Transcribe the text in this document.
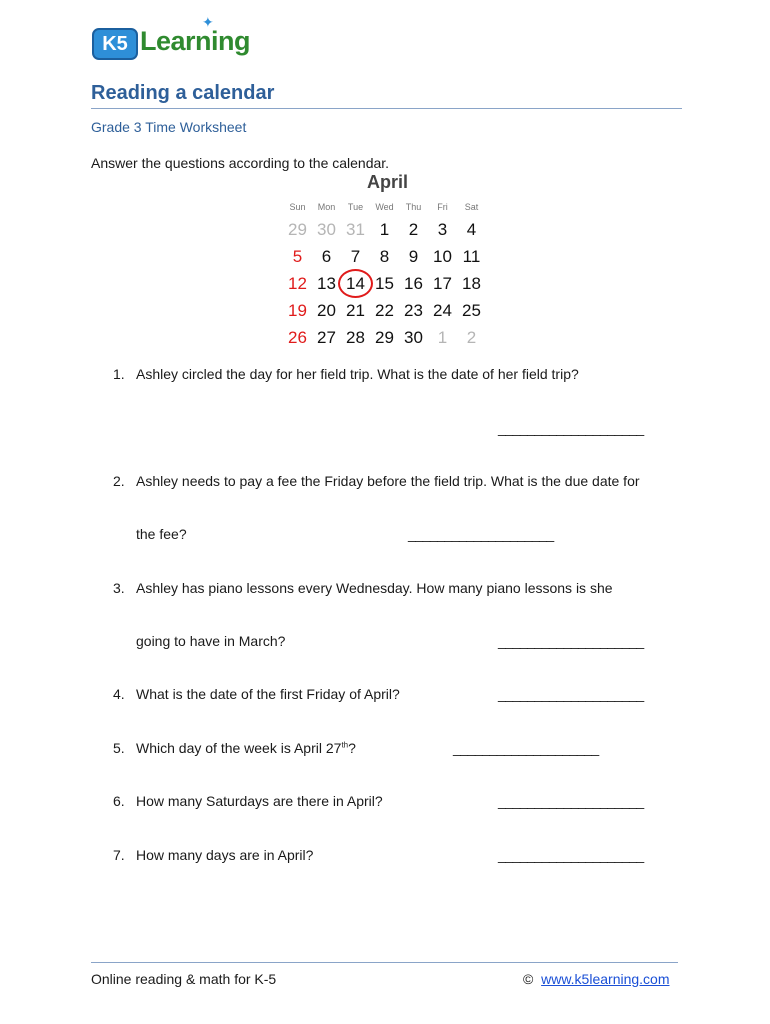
K5 Learning
✦
Reading a calendar
Grade 3 Time Worksheet
Answer the questions according to the calendar.
April
Sun	Mon	Tue	Wed	Thu	Fri	Sat
29 30 31 1	2	3	4
5	6	7	8	9 10 11
12 13 14 15 16 17 18
19 20 21 22 23 24 25
26 27 28 29 30 1	2
1. Ashley circled the day for her field trip. What is the date of her field trip?
____________________
2. Ashley needs to pay a fee the Friday before the field trip. What is the due date for
the fee?	____________________
3. Ashley has piano lessons every Wednesday. How many piano lessons is she
going to have in March?	____________________
4. What is the date of the first Friday of April?	____________________
5. Which day of the week is April 27th?	____________________
6. How many Saturdays are there in April?	____________________
7. How many days are in April?	____________________
Online reading & math for K-5	© www.k5learning.com
